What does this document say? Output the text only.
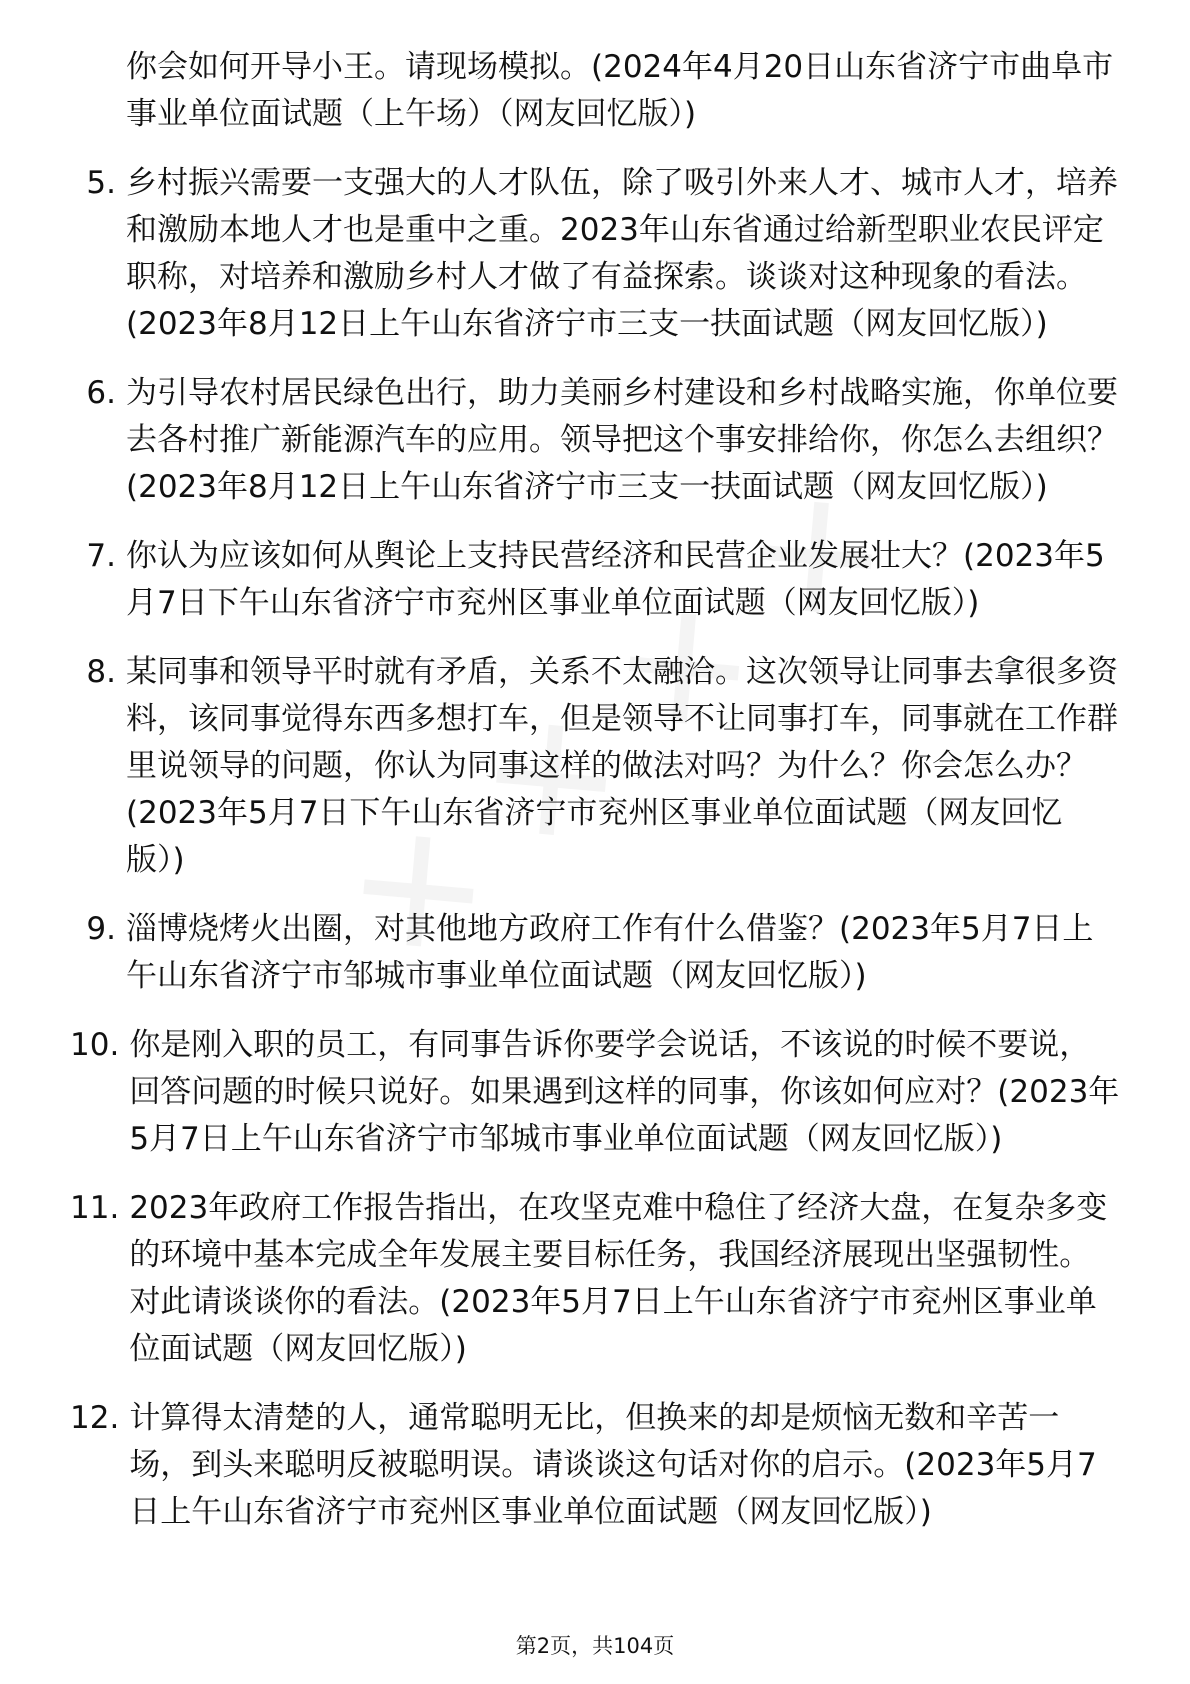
你会如何开导小王。请现场模拟。(2024年4月20日山东省济宁市曲阜市事业单位面试题（上午场）（网友回忆版）)
5. 乡村振兴需要一支强大的人才队伍，除了吸引外来人才、城市人才，培养和激励本地人才也是重中之重。2023年山东省通过给新型职业农民评定职称，对培养和激励乡村人才做了有益探索。谈谈对这种现象的看法。(2023年8月12日上午山东省济宁市三支一扶面试题（网友回忆版）)
6. 为引导农村居民绿色出行，助力美丽乡村建设和乡村战略实施，你单位要去各村推广新能源汽车的应用。领导把这个事安排给你，你怎么去组织？(2023年8月12日上午山东省济宁市三支一扶面试题（网友回忆版）)
7. 你认为应该如何从舆论上支持民营经济和民营企业发展壮大？(2023年5月7日下午山东省济宁市兖州区事业单位面试题（网友回忆版）)
8. 某同事和领导平时就有矛盾，关系不太融洽。这次领导让同事去拿很多资料，该同事觉得东西多想打车，但是领导不让同事打车，同事就在工作群里说领导的问题，你认为同事这样的做法对吗？为什么？你会怎么办？(2023年5月7日下午山东省济宁市兖州区事业单位面试题（网友回忆版）)
9. 淄博烧烤火出圈，对其他地方政府工作有什么借鉴？(2023年5月7日上午山东省济宁市邹城市事业单位面试题（网友回忆版）)
10. 你是刚入职的员工，有同事告诉你要学会说话，不该说的时候不要说，回答问题的时候只说好。如果遇到这样的同事，你该如何应对？(2023年5月7日上午山东省济宁市邹城市事业单位面试题（网友回忆版）)
11. 2023年政府工作报告指出，在攻坚克难中稳住了经济大盘，在复杂多变的环境中基本完成全年发展主要目标任务，我国经济展现出坚强韧性。对此请谈谈你的看法。(2023年5月7日上午山东省济宁市兖州区事业单位面试题（网友回忆版）)
12. 计算得太清楚的人，通常聪明无比，但换来的却是烦恼无数和辛苦一场，到头来聪明反被聪明误。请谈谈这句话对你的启示。(2023年5月7日上午山东省济宁市兖州区事业单位面试题（网友回忆版）)
第2页，共104页
